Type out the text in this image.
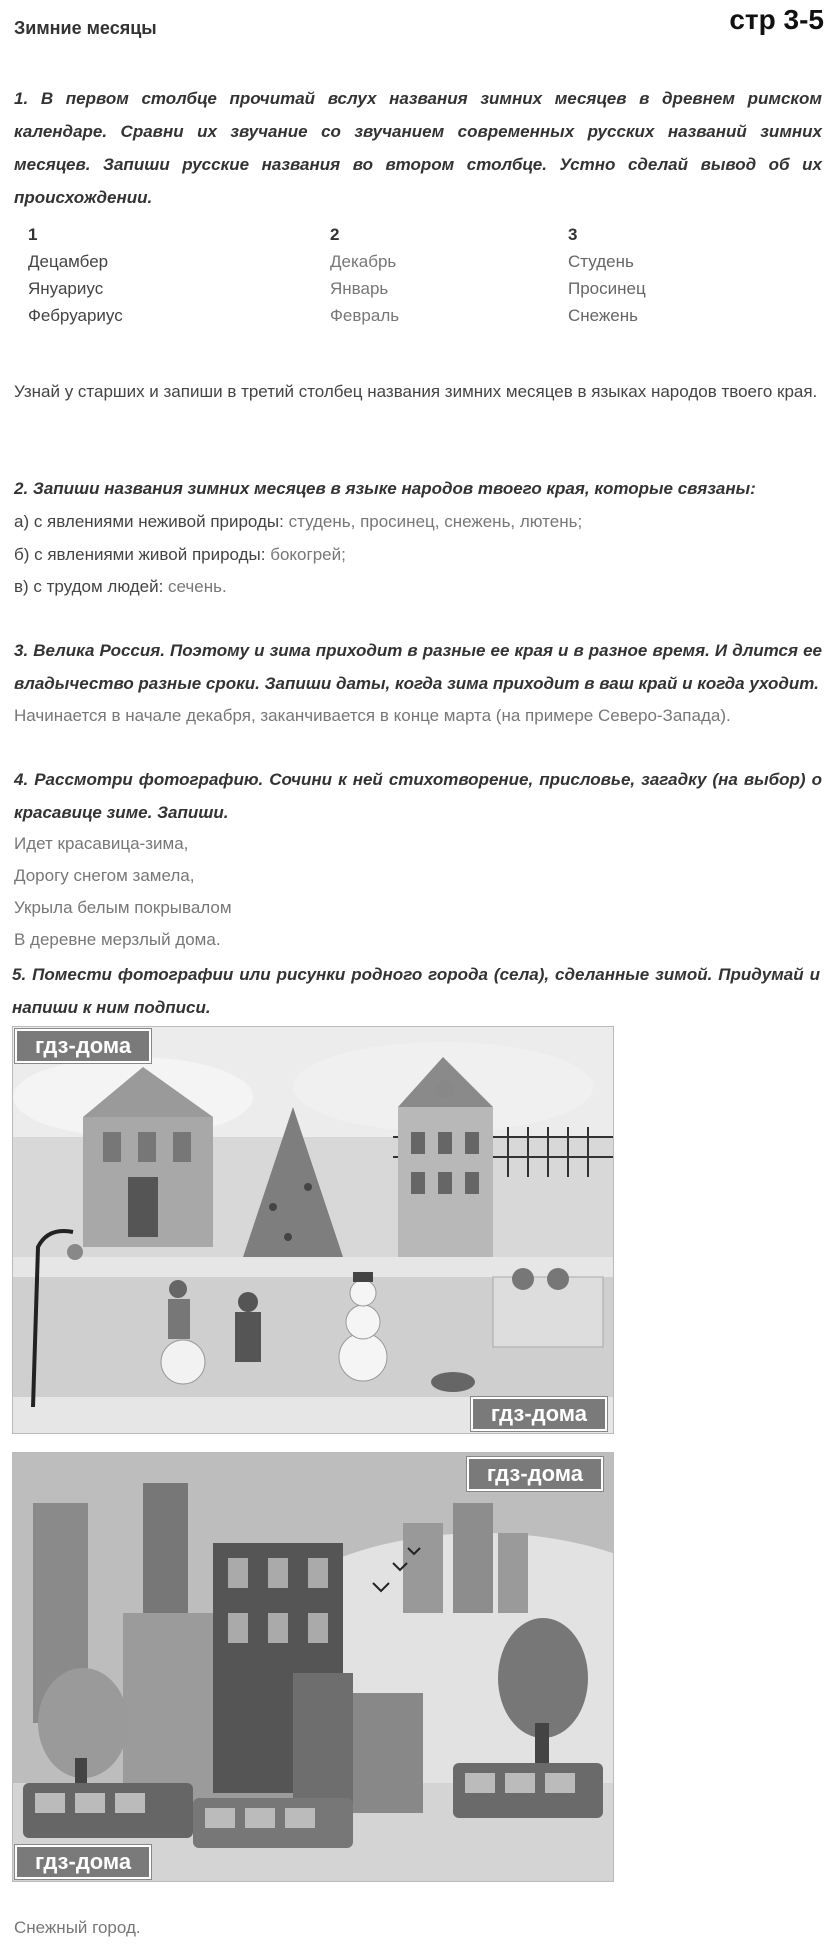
Зимние месяцы	стр 3-5
1. В первом столбце прочитай вслух названия зимних месяцев в древнем римском календаре. Сравни их звучание со звучанием современных русских названий зимних месяцев. Запиши русские названия во втором столбце. Устно сделай вывод об их происхождении.
1
Децамбер
Януариус
Фебруариус
2
Декабрь
Январь
Февраль
3
Студень
Просинец
Снежень
Узнай у старших и запиши в третий столбец названия зимних месяцев в языках народов твоего края.
2. Запиши названия зимних месяцев в языке народов твоего края, которые связаны:
а) с явлениями неживой природы: студень, просинец, снежень, лютень;
б) с явлениями живой природы: бокогрей;
в) с трудом людей: сечень.
3. Велика Россия. Поэтому и зима приходит в разные ее края и в разное время. И длится ее владычество разные сроки. Запиши даты, когда зима приходит в ваш край и когда уходит.
Начинается в начале декабря, заканчивается в конце марта (на примере Северо-Запада).
4. Рассмотри фотографию. Сочини к ней стихотворение, присловье, загадку (на выбор) о красавице зиме. Запиши.
Идет красавица-зима,
Дорогу снегом замела,
Укрыла белым покрывалом
В деревне мерзлый дома.
5. Помести фотографии или рисунки родного города (села), сделанные зимой. Придумай и напиши к ним подписи.
гдз-дома
гдз-дома
гдз-дома
гдз-дома
Снежный город.
